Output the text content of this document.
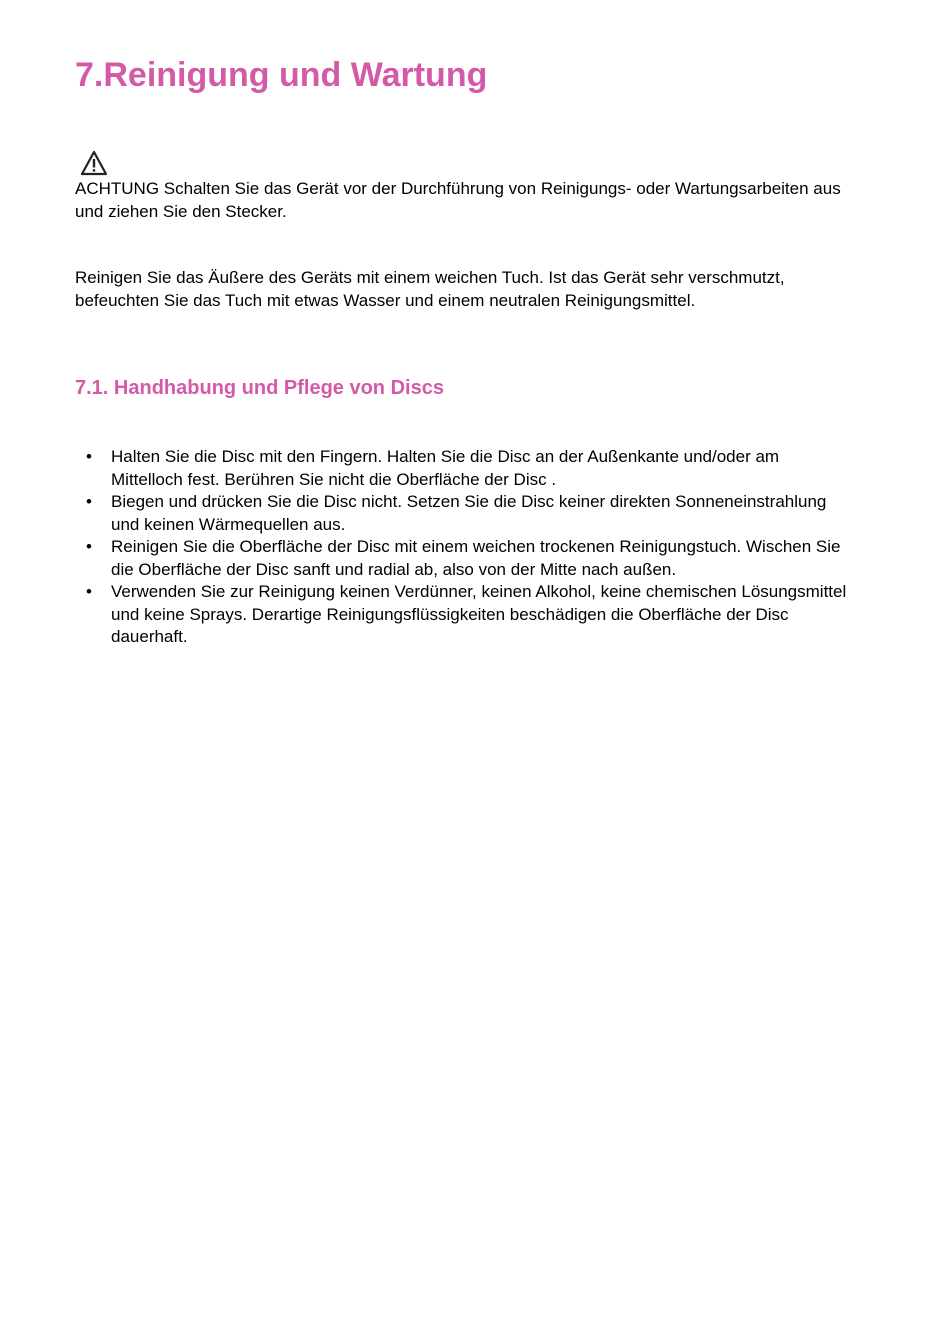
7.Reinigung und Wartung

ACHTUNG Schalten Sie das Gerät vor der Durchführung von Reinigungs- oder Wartungsarbeiten aus und ziehen Sie den Stecker.

Reinigen Sie das Äußere des Geräts mit einem weichen Tuch. Ist das Gerät sehr verschmutzt, befeuchten Sie das Tuch mit etwas Wasser und einem neutralen Reinigungsmittel.

7.1. Handhabung und Pflege von Discs
• Halten Sie die Disc mit den Fingern. Halten Sie die Disc an der Außenkante und/oder am Mittelloch fest. Berühren Sie nicht die Oberfläche der Disc .
• Biegen und drücken Sie die Disc nicht. Setzen Sie die Disc keiner direkten Sonneneinstrahlung und keinen Wärmequellen aus.
• Reinigen Sie die Oberfläche der Disc mit einem weichen trockenen Reinigungstuch. Wischen Sie die Oberfläche der Disc sanft und radial ab, also von der Mitte nach außen.
• Verwenden Sie zur Reinigung keinen Verdünner, keinen Alkohol, keine chemischen Lösungsmittel und keine Sprays. Derartige Reinigungsflüssigkeiten beschädigen die Oberfläche der Disc dauerhaft.
